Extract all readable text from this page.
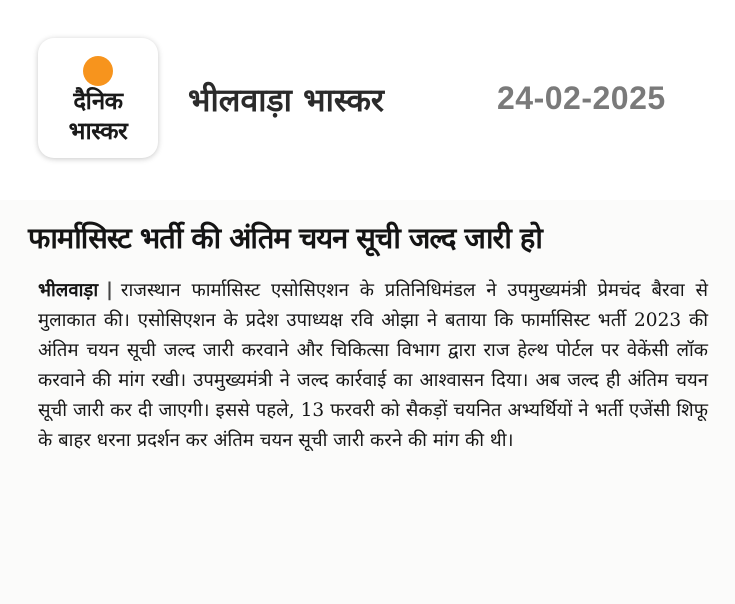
दैनिक
भास्कर
भीलवाड़ा भास्कर	24-02-2025
फार्मासिस्ट भर्ती की अंतिम चयन सूची जल्द जारी हो
भीलवाड़ा | राजस्थान फार्मासिस्ट एसोसिएशन के प्रतिनिधिमंडल ने उपमुख्यमंत्री प्रेमचंद बैरवा से मुलाकात की। एसोसिएशन के प्रदेश उपाध्यक्ष रवि ओझा ने बताया कि फार्मासिस्ट भर्ती 2023 की अंतिम चयन सूची जल्द जारी करवाने और चिकित्सा विभाग द्वारा राज हेल्थ पोर्टल पर वेकेंसी लॉक करवाने की मांग रखी। उपमुख्यमंत्री ने जल्द कार्रवाई का आश्वासन दिया। अब जल्द ही अंतिम चयन सूची जारी कर दी जाएगी। इससे पहले, 13 फरवरी को सैकड़ों चयनित अभ्यर्थियों ने भर्ती एजेंसी शिफू के बाहर धरना प्रदर्शन कर अंतिम चयन सूची जारी करने की मांग की थी।
